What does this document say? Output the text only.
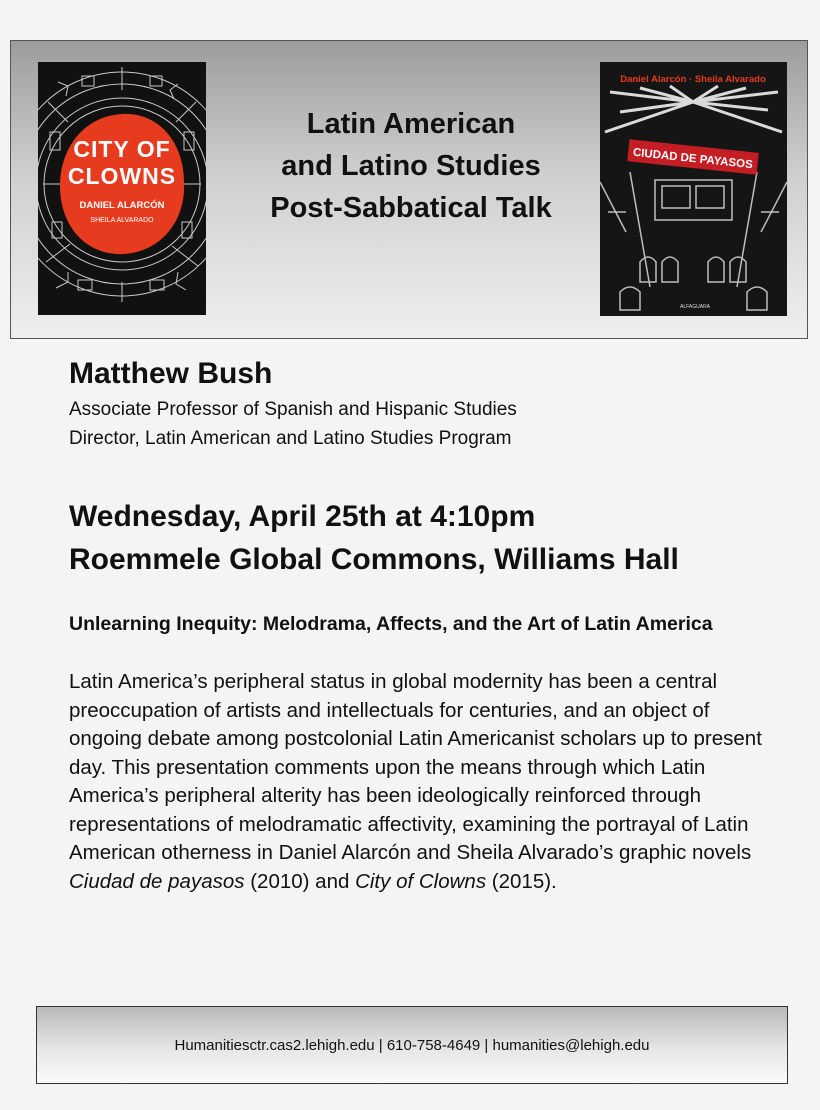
CITY OF
CLOWNS
DANIEL ALARCÓN
SHEILA ALVARADO
Latin American
and Latino Studies
Post-Sabbatical Talk
Daniel Alarcón · Sheila Alvarado
CIUDAD DE PAYASOS
ALFAGUARA
Matthew Bush
Associate Professor of Spanish and Hispanic Studies
Director, Latin American and Latino Studies Program
Wednesday, April 25th at 4:10pm
Roemmele Global Commons, Williams Hall
Unlearning Inequity: Melodrama, Affects, and the Art of Latin America
Latin America’s peripheral status in global modernity has been a central preoccupation of artists and intellectuals for centuries, and an object of ongoing debate among postcolonial Latin Americanist scholars up to present day. This presentation comments upon the means through which Latin America’s peripheral alterity has been ideologically reinforced through representations of melodramatic affectivity, examining the portrayal of Latin American otherness in Daniel Alarcón and Sheila Alvarado’s graphic novels Ciudad de payasos (2010) and City of Clowns (2015).
Humanitiesctr.cas2.lehigh.edu | 610-758-4649 | humanities@lehigh.edu
